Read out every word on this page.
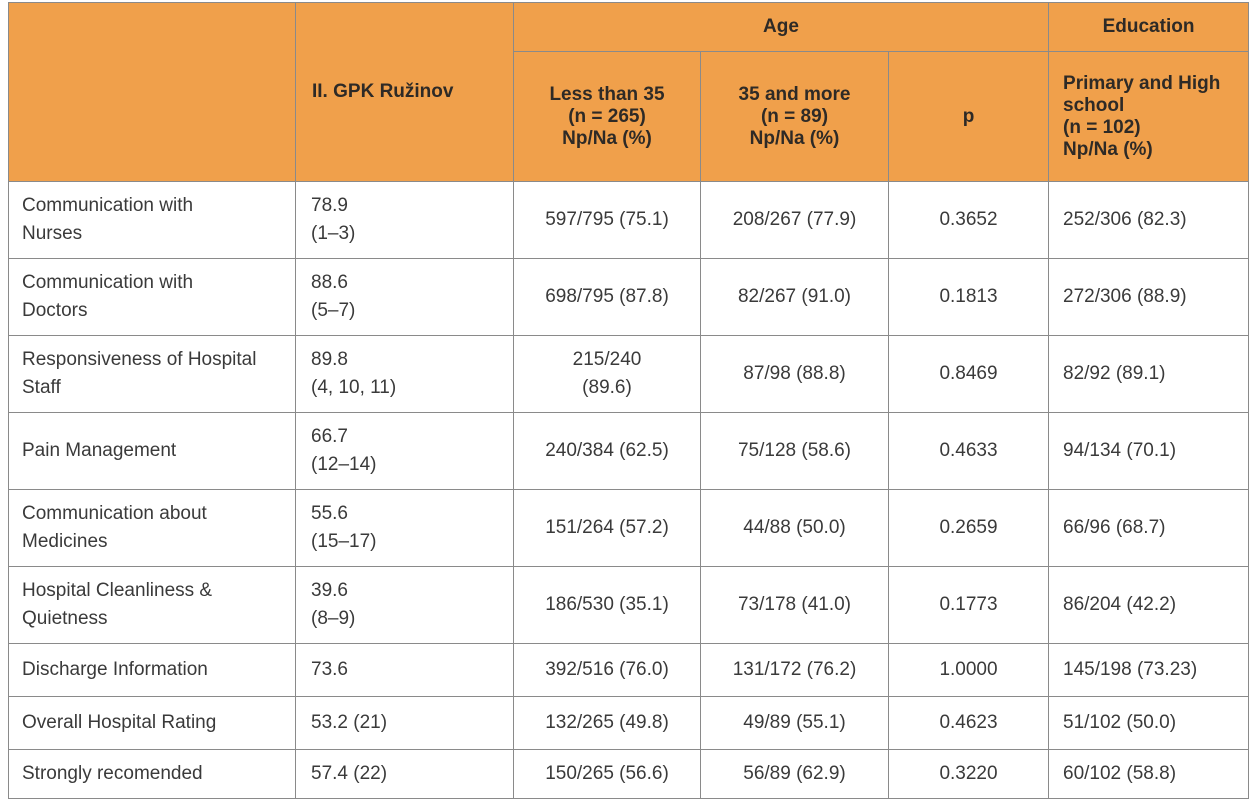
	II. GPK Ružinov	Age			Education

		Less than 35
(n = 265)
Np/Na (%)	35 and more
(n = 89)
Np/Na (%)	p	Primary and High
school
(n = 102)
Np/Na (%)

Communication with
Nurses	78.9
(1–3)	597/795 (75.1)	208/267 (77.9)	0.3652	252/306 (82.3)

Communication with
Doctors	88.6
(5–7)	698/795 (87.8)	82/267 (91.0)	0.1813	272/306 (88.9)

Responsiveness of Hospital
Staff	89.8
(4, 10, 11)	215/240
(89.6)	87/98 (88.8)	0.8469	82/92 (89.1)

Pain Management	66.7
(12–14)	240/384 (62.5)	75/128 (58.6)	0.4633	94/134 (70.1)

Communication about
Medicines	55.6
(15–17)	151/264 (57.2)	44/88 (50.0)	0.2659	66/96 (68.7)

Hospital Cleanliness &
Quietness	39.6
(8–9)	186/530 (35.1)	73/178 (41.0)	0.1773	86/204 (42.2)

Discharge Information	73.6	392/516 (76.0)	131/172 (76.2)	1.0000	145/198 (73.23)

Overall Hospital Rating	53.2 (21)	132/265 (49.8)	49/89 (55.1)	0.4623	51/102 (50.0)

Strongly recomended	57.4 (22)	150/265 (56.6)	56/89 (62.9)	0.3220	60/102 (58.8)
